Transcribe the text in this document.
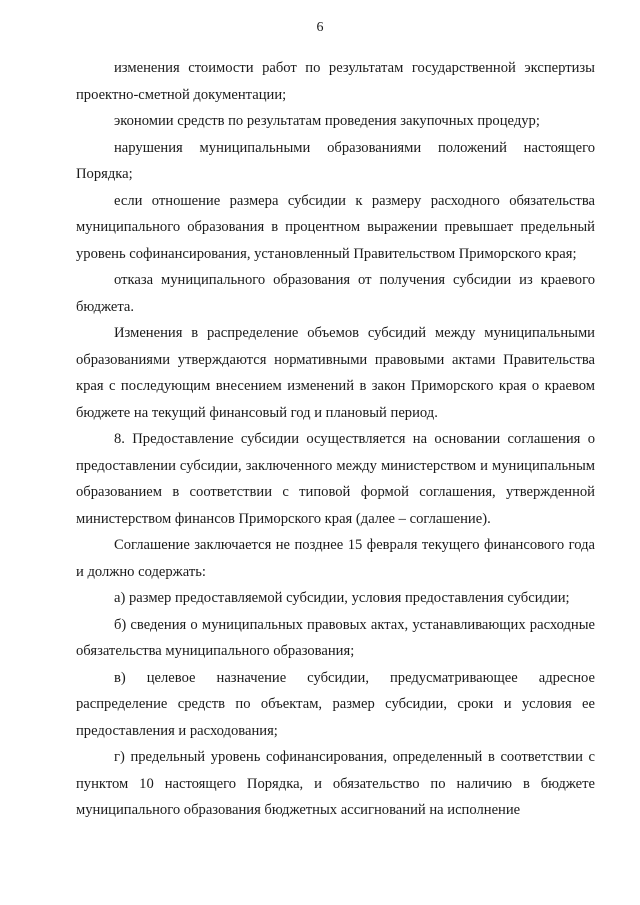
6

изменения стоимости работ по результатам государственной экспертизы проектно-сметной документации;

экономии средств по результатам проведения закупочных процедур;

нарушения муниципальными образованиями положений настоящего Порядка;

если отношение размера субсидии к размеру расходного обязательства муниципального образования в процентном выражении превышает предельный уровень софинансирования, установленный Правительством Приморского края;

отказа муниципального образования от получения субсидии из краевого бюджета.

Изменения в распределение объемов субсидий между муниципальными образованиями утверждаются нормативными правовыми актами Правительства края с последующим внесением изменений в закон Приморского края о краевом бюджете на текущий финансовый год и плановый период.

8. Предоставление субсидии осуществляется на основании соглашения о предоставлении субсидии, заключенного между министерством и муниципальным образованием в соответствии с типовой формой соглашения, утвержденной министерством финансов Приморского края (далее – соглашение).

Соглашение заключается не позднее 15 февраля текущего финансового года и должно содержать:

а) размер предоставляемой субсидии, условия предоставления субсидии;

б) сведения о муниципальных правовых актах, устанавливающих расходные обязательства муниципального образования;

в) целевое назначение субсидии, предусматривающее адресное распределение средств по объектам, размер субсидии, сроки и условия ее предоставления и расходования;

г) предельный уровень софинансирования, определенный в соответствии с пунктом 10 настоящего Порядка, и обязательство по наличию в бюджете муниципального образования бюджетных ассигнований на исполнение
